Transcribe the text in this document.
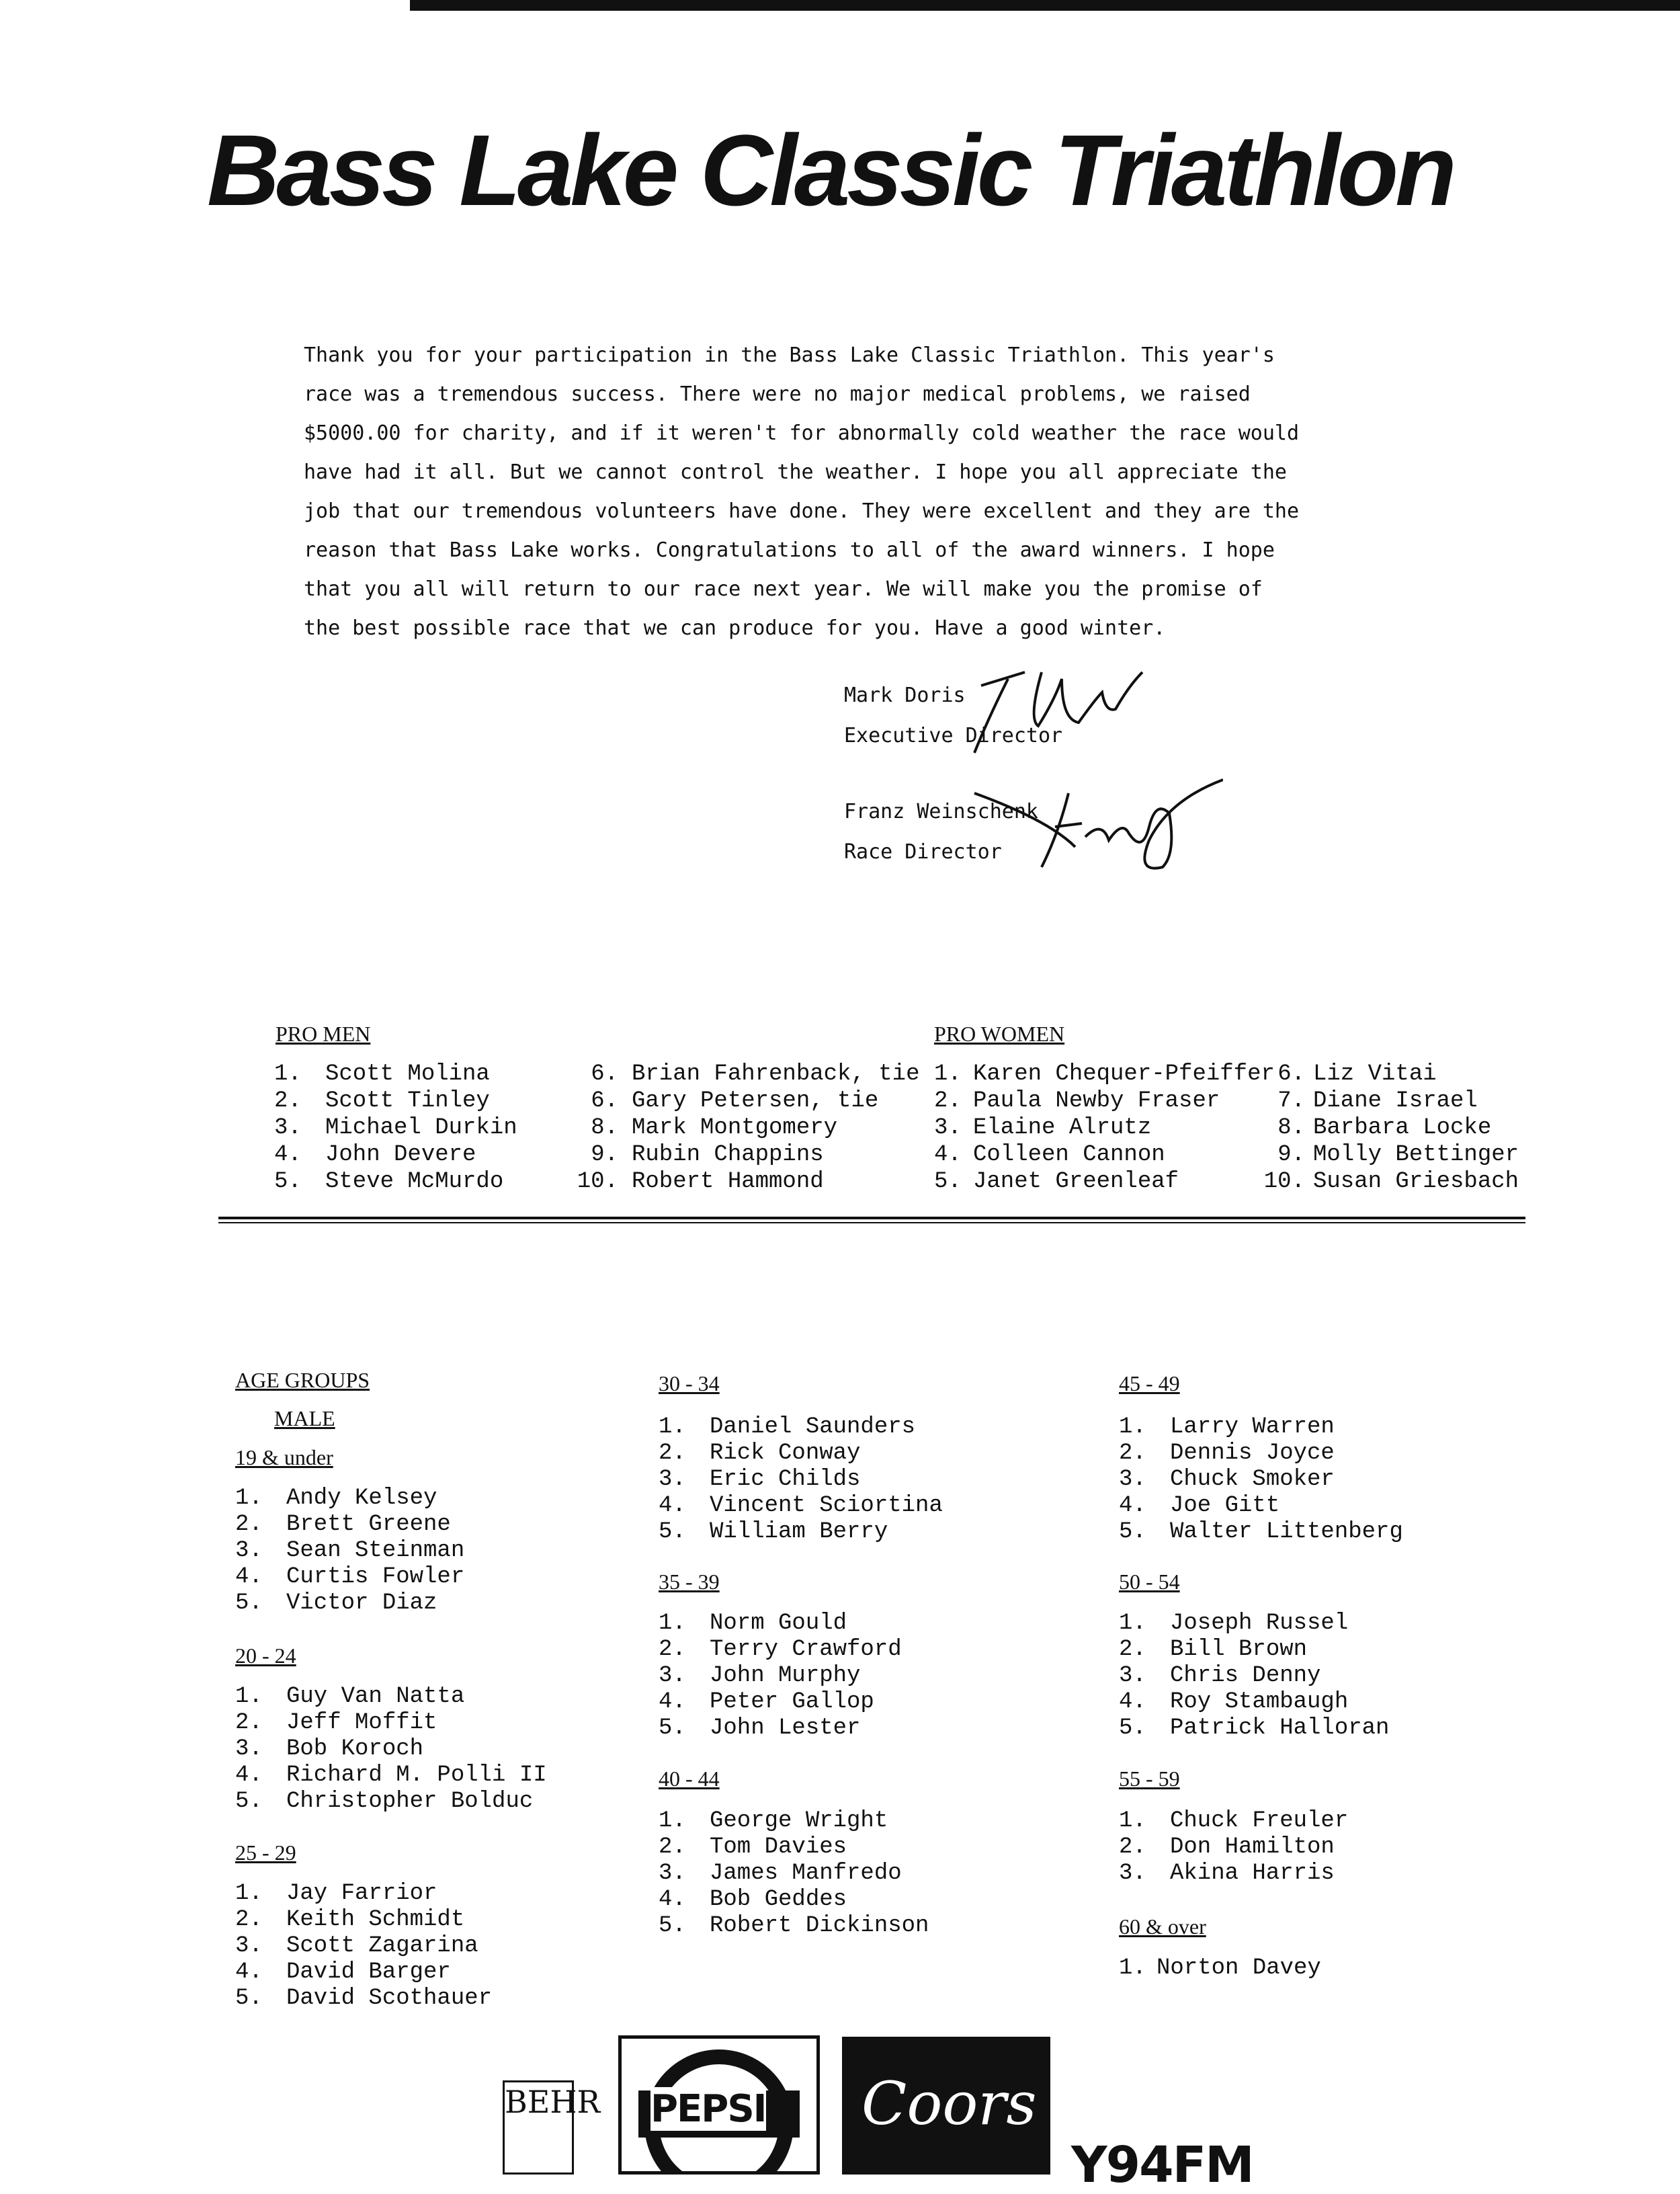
Bass Lake Classic Triathlon
Thank you for your participation in the Bass Lake Classic Triathlon. This year's
race was a tremendous success. There were no major medical problems, we raised
$5000.00 for charity, and if it weren't for abnormally cold weather the race would
have had it all. But we cannot control the weather. I hope you all appreciate the
job that our tremendous volunteers have done. They were excellent and they are the
reason that Bass Lake works. Congratulations to all of the award winners. I hope
that you all will return to our race next year. We will make you the promise of
the best possible race that we can produce for you. Have a good winter.
Mark Doris
Executive Director
Franz Weinschenk
Race Director
PRO MEN
1. Scott Molina
2. Scott Tinley
3. Michael Durkin
4. John Devere
5. Steve McMurdo
6. Brian Fahrenback, tie
6. Gary Petersen, tie
8. Mark Montgomery
9. Rubin Chappins
10. Robert Hammond
PRO WOMEN
1. Karen Chequer-Pfeiffer
2. Paula Newby Fraser
3. Elaine Alrutz
4. Colleen Cannon
5. Janet Greenleaf
6. Liz Vitai
7. Diane Israel
8. Barbara Locke
9. Molly Bettinger
10. Susan Griesbach
AGE GROUPS
MALE
19 & under
1. Andy Kelsey
2. Brett Greene
3. Sean Steinman
4. Curtis Fowler
5. Victor Diaz
20 - 24
1. Guy Van Natta
2. Jeff Moffit
3. Bob Koroch
4. Richard M. Polli II
5. Christopher Bolduc
25 - 29
1. Jay Farrior
2. Keith Schmidt
3. Scott Zagarina
4. David Barger
5. David Scothauer
30 - 34
1. Daniel Saunders
2. Rick Conway
3. Eric Childs
4. Vincent Sciortina
5. William Berry
35 - 39
1. Norm Gould
2. Terry Crawford
3. John Murphy
4. Peter Gallop
5. John Lester
40 - 44
1. George Wright
2. Tom Davies
3. James Manfredo
4. Bob Geddes
5. Robert Dickinson
45 - 49
1. Larry Warren
2. Dennis Joyce
3. Chuck Smoker
4. Joe Gitt
5. Walter Littenberg
50 - 54
1. Joseph Russel
2. Bill Brown
3. Chris Denny
4. Roy Stambaugh
5. Patrick Halloran
55 - 59
1. Chuck Freuler
2. Don Hamilton
3. Akina Harris
60 & over
1. Norton Davey
BEHR PEPSI Coors
Y94FM
